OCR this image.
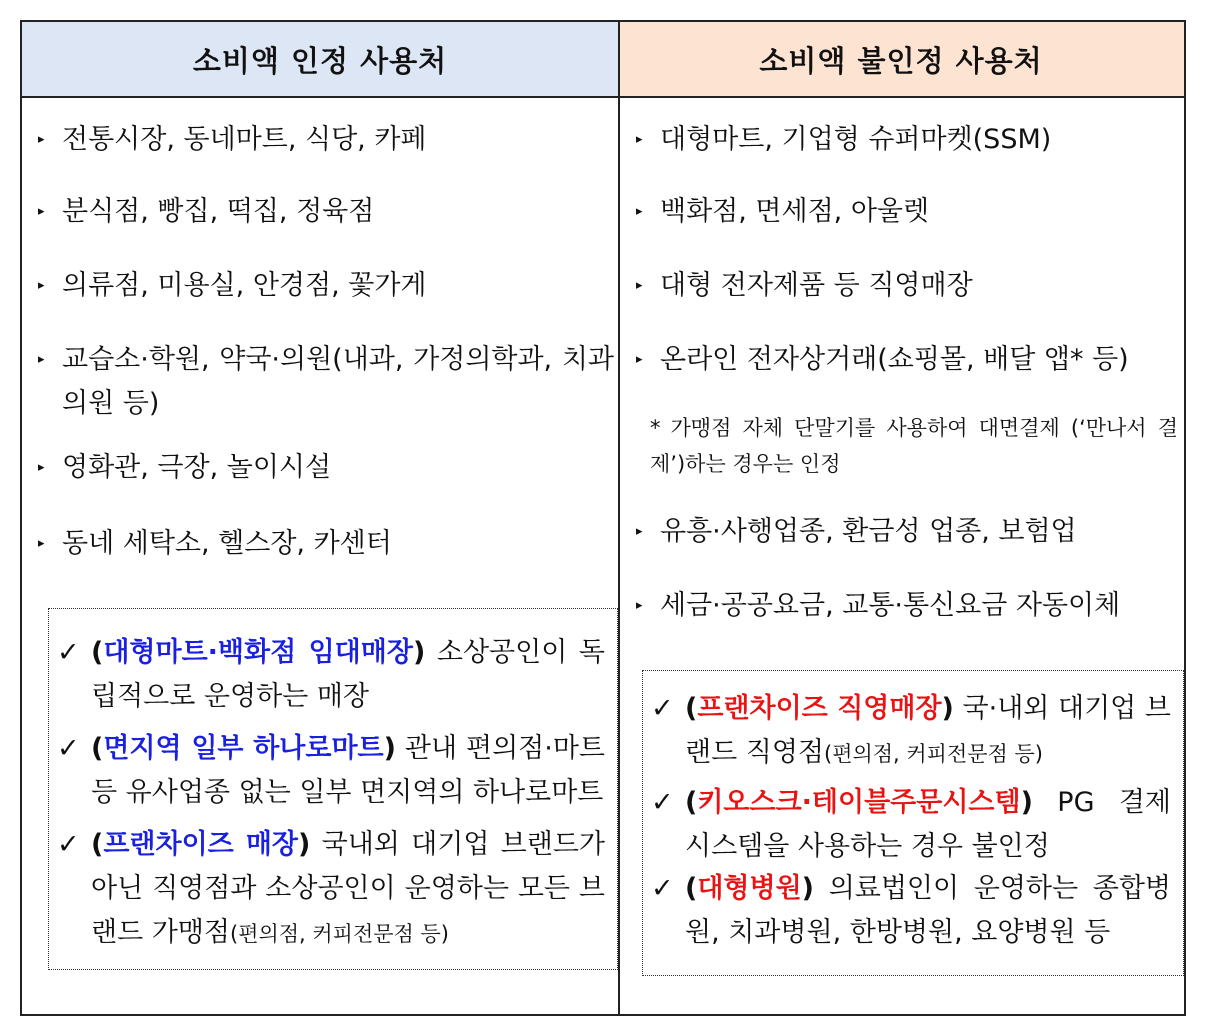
소비액 인정 사용처	소비액 불인정 사용처
▸ 전통시장, 동네마트, 식당, 카페
▸ 분식점, 빵집, 떡집, 정육점
▸ 의류점, 미용실, 안경점, 꽃가게
▸ 교습소·학원, 약국·의원(내과, 가정의학과, 치과의원 등)
▸ 영화관, 극장, 놀이시설
▸ 동네 세탁소, 헬스장, 카센터
✓ (대형마트·백화점 임대매장) 소상공인이 독립적으로 운영하는 매장
✓ (면지역 일부 하나로마트) 관내 편의점·마트 등 유사업종 없는 일부 면지역의 하나로마트
✓ (프랜차이즈 매장) 국내외 대기업 브랜드가 아닌 직영점과 소상공인이 운영하는 모든 브랜드 가맹점(편의점, 커피전문점 등)
▸ 대형마트, 기업형 슈퍼마켓(SSM)
▸ 백화점, 면세점, 아울렛
▸ 대형 전자제품 등 직영매장
▸ 온라인 전자상거래(쇼핑몰, 배달 앱* 등)
* 가맹점 자체 단말기를 사용하여 대면결제 (‘만나서 결제’)하는 경우는 인정
▸ 유흥·사행업종, 환금성 업종, 보험업
▸ 세금·공공요금, 교통·통신요금 자동이체
✓ (프랜차이즈 직영매장) 국·내외 대기업 브랜드 직영점(편의점, 커피전문점 등)
✓ (키오스크·테이블주문시스템) PG 결제 시스템을 사용하는 경우 불인정
✓ (대형병원) 의료법인이 운영하는 종합병원, 치과병원, 한방병원, 요양병원 등
